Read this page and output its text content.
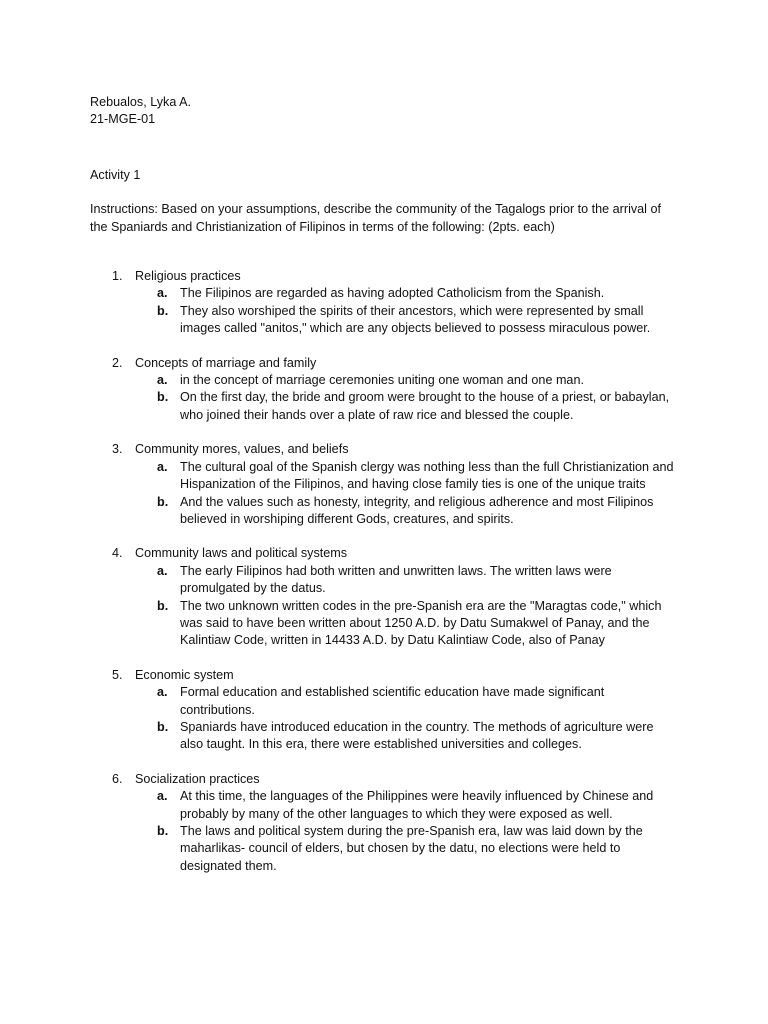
Rebualos, Lyka A.
21-MGE-01
Activity 1
Instructions: Based on your assumptions, describe the community of the Tagalogs prior to the arrival of the Spaniards and Christianization of Filipinos in terms of the following: (2pts. each)
1. Religious practices
a. The Filipinos are regarded as having adopted Catholicism from the Spanish.
b. They also worshiped the spirits of their ancestors, which were represented by small images called "anitos," which are any objects believed to possess miraculous power.
2. Concepts of marriage and family
a. in the concept of marriage ceremonies uniting one woman and one man.
b. On the first day, the bride and groom were brought to the house of a priest, or babaylan, who joined their hands over a plate of raw rice and blessed the couple.
3. Community mores, values, and beliefs
a. The cultural goal of the Spanish clergy was nothing less than the full Christianization and Hispanization of the Filipinos, and having close family ties is one of the unique traits
b. And the values such as honesty, integrity, and religious adherence and most Filipinos believed in worshiping different Gods, creatures, and spirits.
4. Community laws and political systems
a. The early Filipinos had both written and unwritten laws. The written laws were promulgated by the datus.
b. The two unknown written codes in the pre-Spanish era are the "Maragtas code," which was said to have been written about 1250 A.D. by Datu Sumakwel of Panay, and the Kalintiaw Code, written in 14433 A.D. by Datu Kalintiaw Code, also of Panay
5. Economic system
a. Formal education and established scientific education have made significant contributions.
b. Spaniards have introduced education in the country. The methods of agriculture were also taught. In this era, there were established universities and colleges.
6. Socialization practices
a. At this time, the languages of the Philippines were heavily influenced by Chinese and probably by many of the other languages to which they were exposed as well.
b. The laws and political system during the pre-Spanish era, law was laid down by the maharlikas- council of elders, but chosen by the datu, no elections were held to designated them.
